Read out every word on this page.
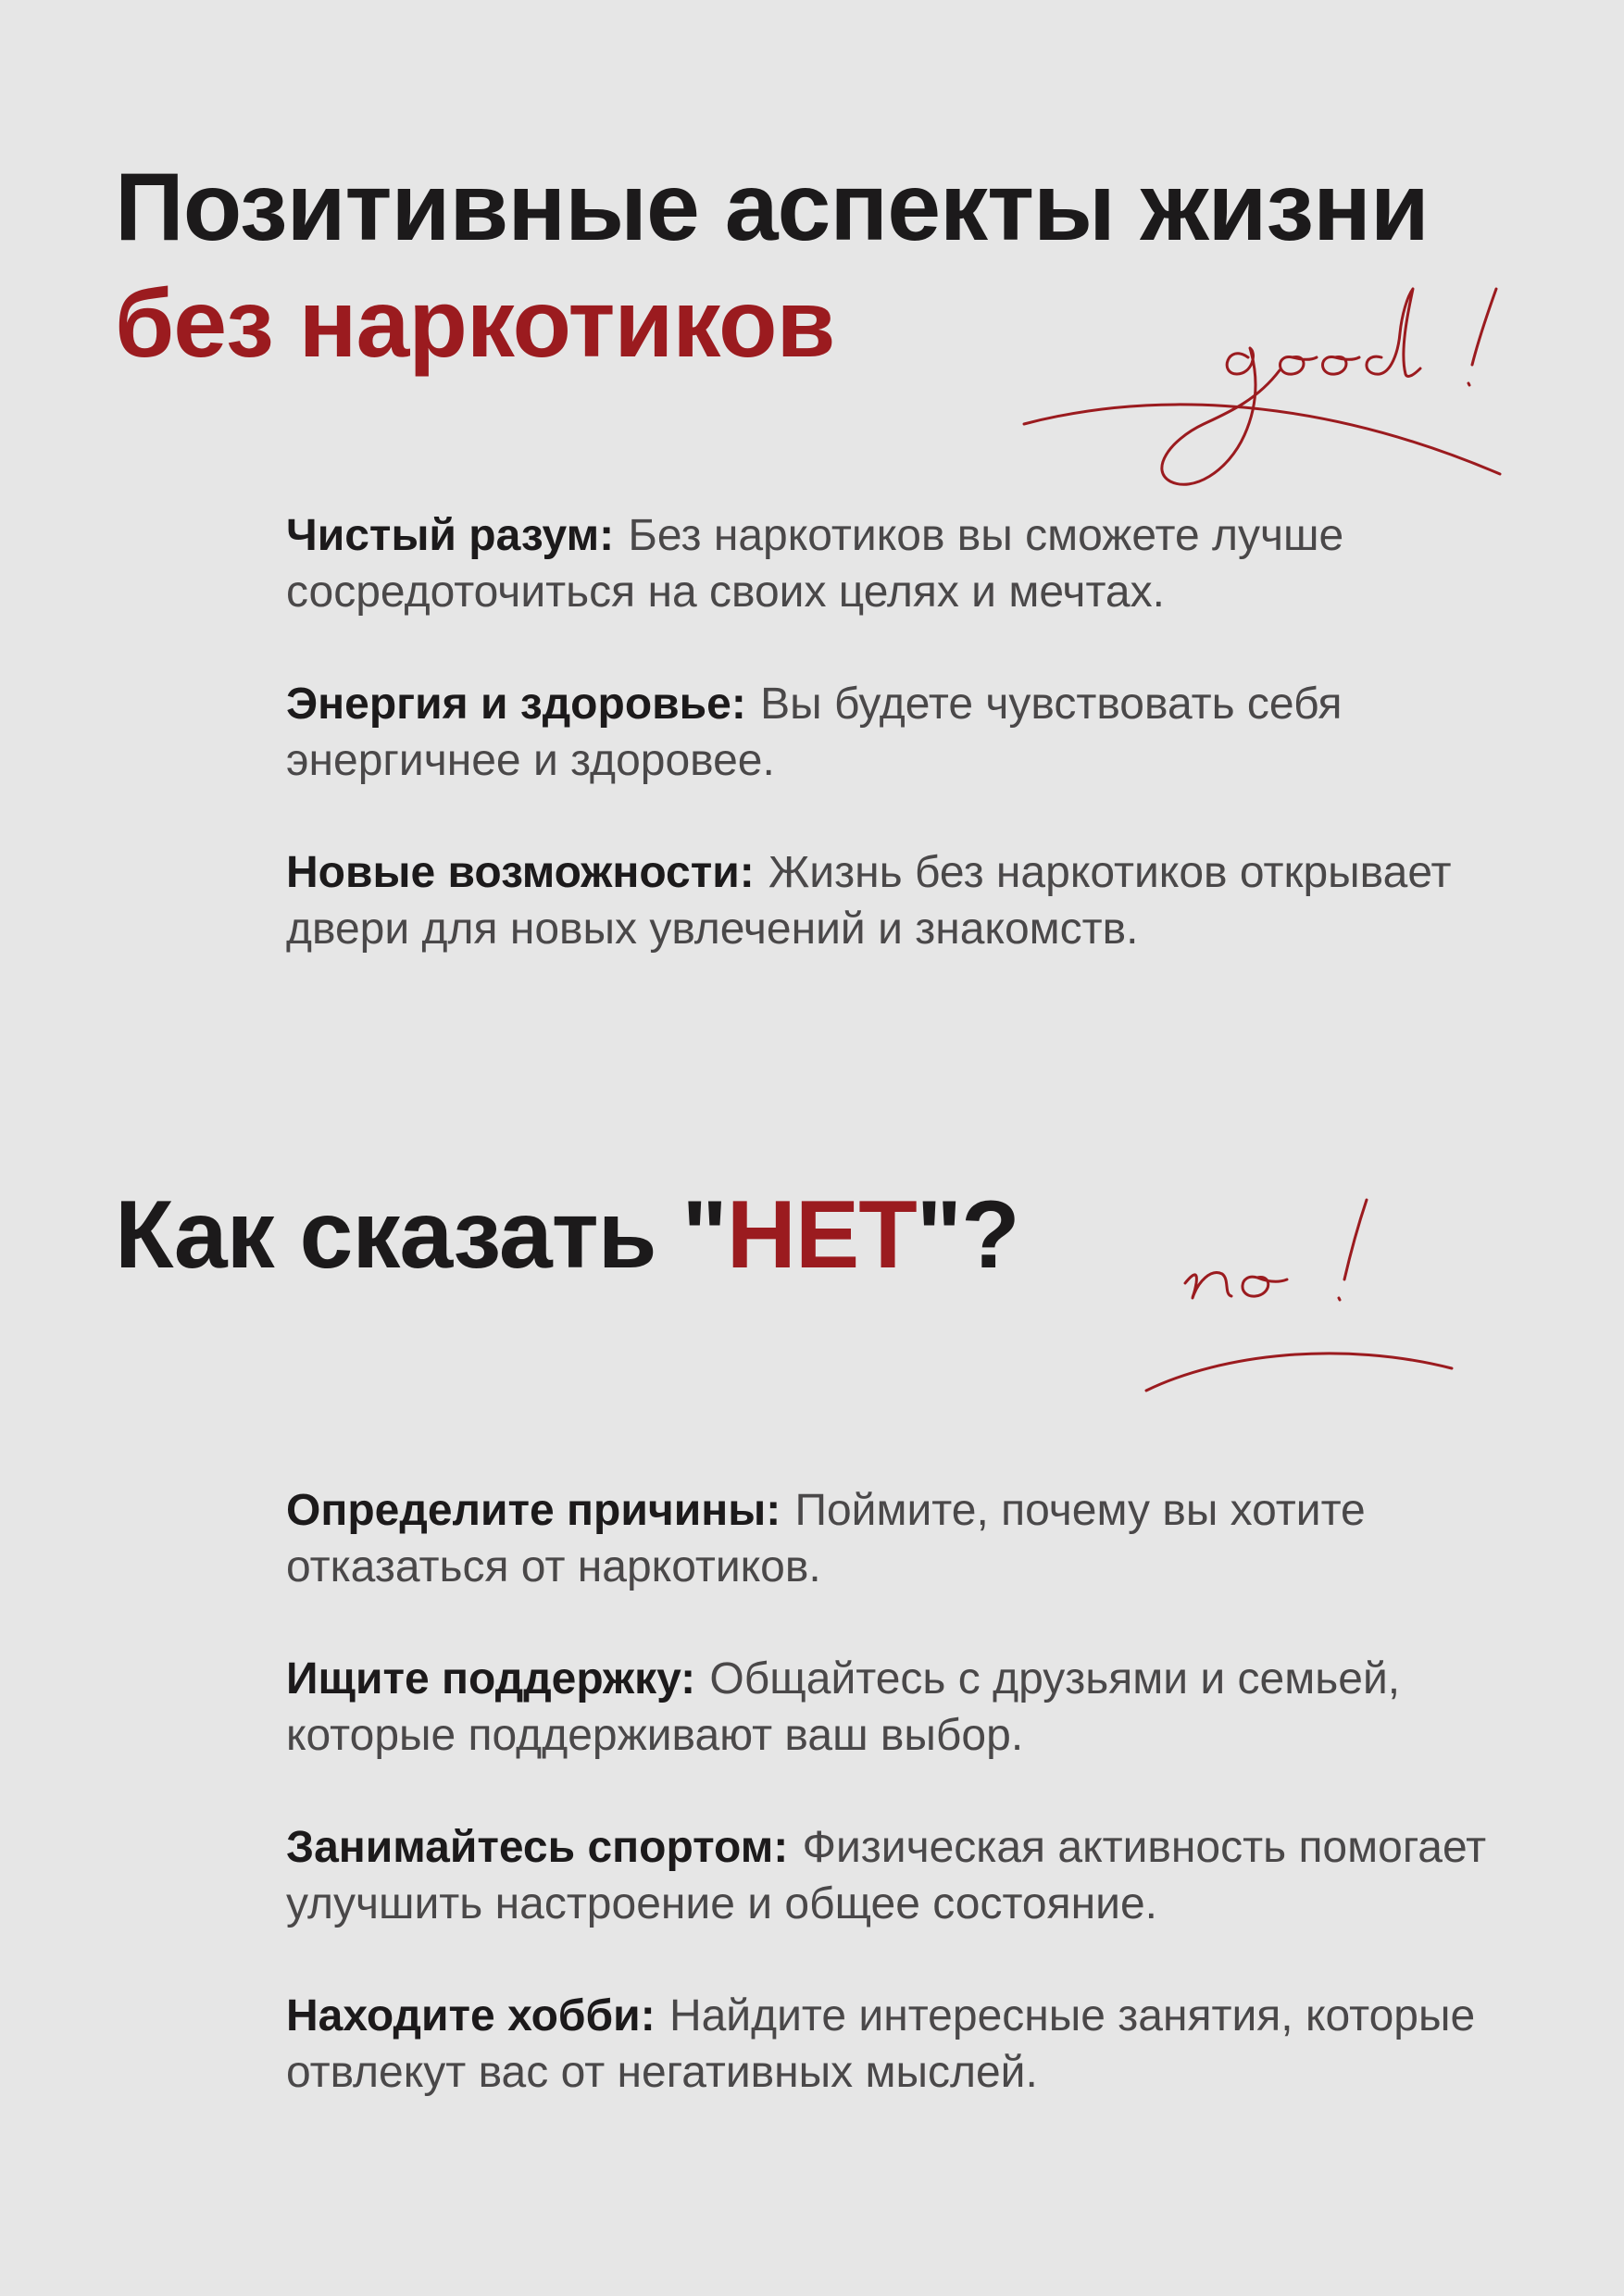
Позитивные аспекты жизни
без наркотиков

Чистый разум: Без наркотиков вы сможете лучше сосредоточиться на своих целях и мечтах.

Энергия и здоровье: Вы будете чувствовать себя энергичнее и здоровее.

Новые возможности: Жизнь без наркотиков открывает двери для новых увлечений и знакомств.

Как сказать "НЕТ"?

Определите причины: Поймите, почему вы хотите отказаться от наркотиков.

Ищите поддержку: Общайтесь с друзьями и семьей, которые поддерживают ваш выбор.

Занимайтесь спортом: Физическая активность помогает улучшить настроение и общее состояние.

Находите хобби: Найдите интересные занятия, которые отвлекут вас от негативных мыслей.
